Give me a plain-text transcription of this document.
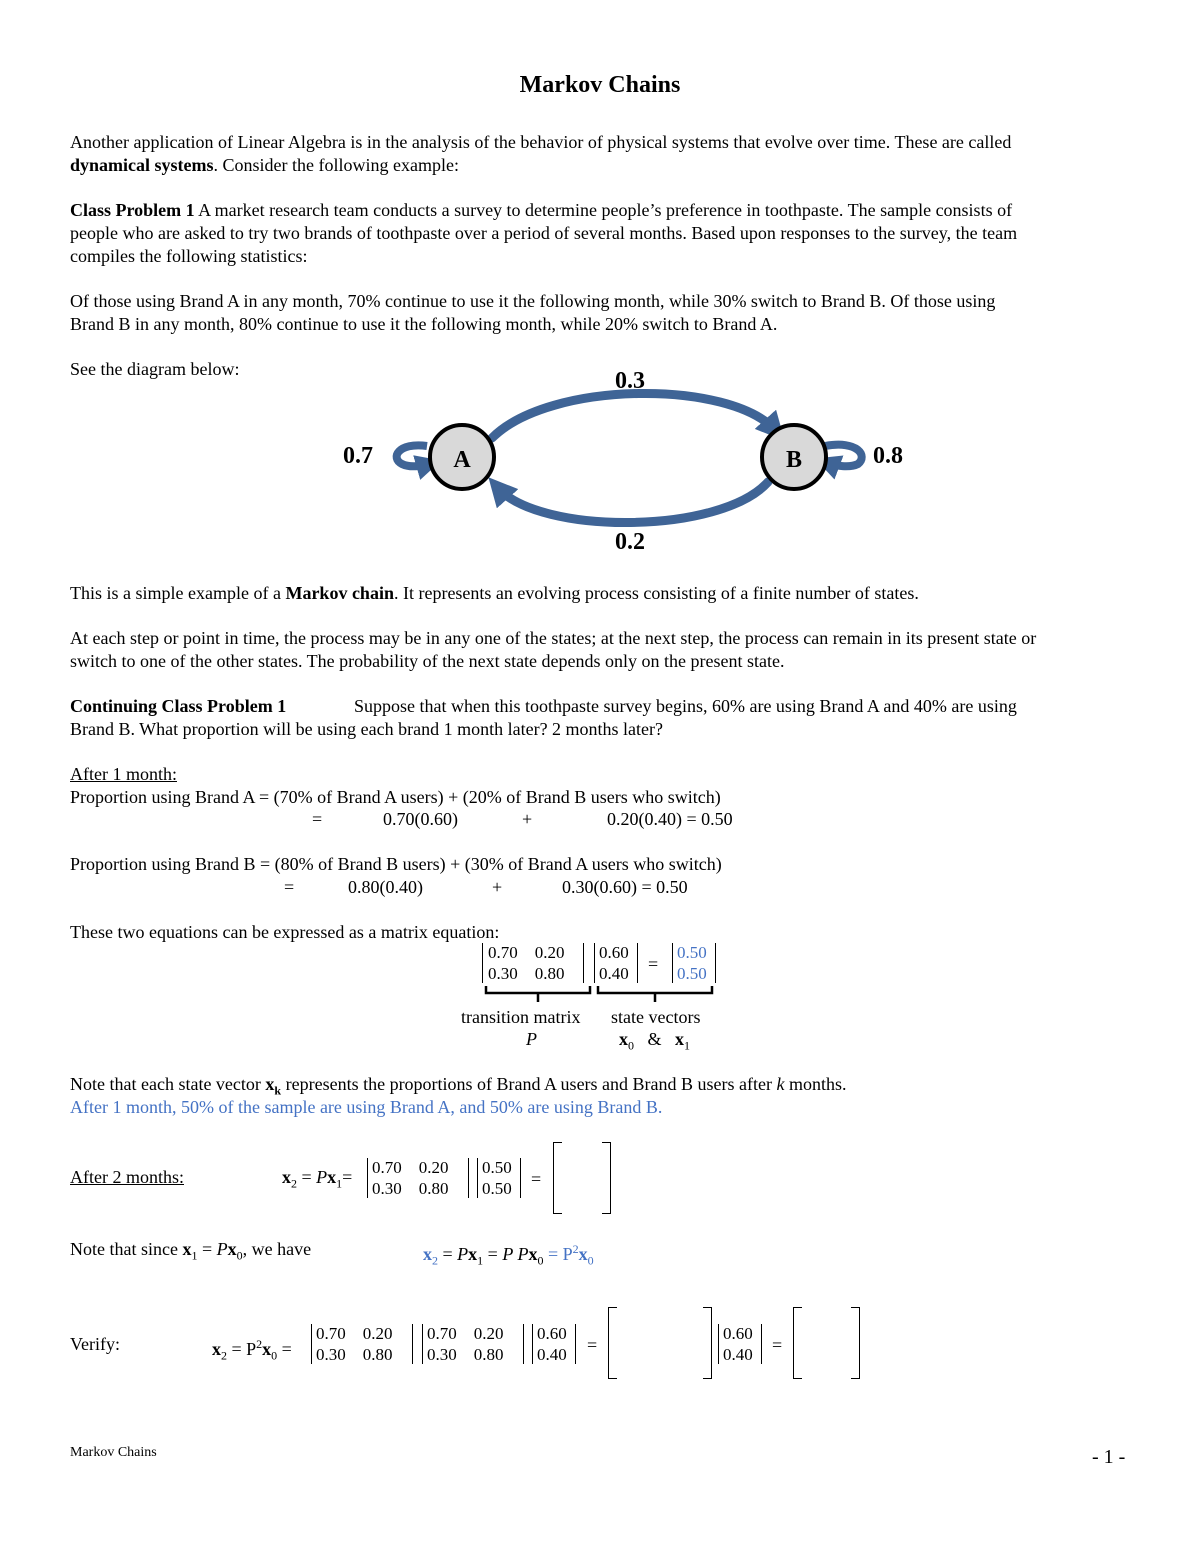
Markov Chains
Another application of Linear Algebra is in the analysis of the behavior of physical systems that evolve over time. These are called
dynamical systems. Consider the following example:
Class Problem 1 A market research team conducts a survey to determine people’s preference in toothpaste. The sample consists of
people who are asked to try two brands of toothpaste over a period of several months. Based upon responses to the survey, the team
compiles the following statistics:
Of those using Brand A in any month, 70% continue to use it the following month, while 30% switch to Brand B. Of those using
Brand B in any month, 80% continue to use it the following month, while 20% switch to Brand A.
See the diagram below:
A	B
0.3
0.2
0.7	0.8
This is a simple example of a Markov chain. It represents an evolving process consisting of a finite number of states.
At each step or point in time, the process may be in any one of the states; at the next step, the process can remain in its present state or
switch to one of the other states. The probability of the next state depends only on the present state.
Continuing Class Problem 1	Suppose that when this toothpaste survey begins, 60% are using Brand A and 40% are using
Brand B. What proportion will be using each brand 1 month later? 2 months later?
After 1 month:
Proportion using Brand A = (70% of Brand A users) + (20% of Brand B users who switch)
=	0.70(0.60)	+	0.20(0.40) = 0.50
Proportion using Brand B = (80% of Brand B users) + (30% of Brand A users who switch)
=	0.80(0.40)	+	0.30(0.60) = 0.50
These two equations can be expressed as a matrix equation:
0.70    0.20
0.30    0.80
0.60
0.40 =
0.50
0.50
transition matrix
P
state vectors
$x_0$ & $x_1$
Note that each state vector $x_k$ represents the proportions of Brand A users and Brand B users after k months.
After 1 month, 50% of the sample are using Brand A, and 50% are using Brand B.
After 2 months:	$x_2 = Px_1= 0.70$    0.20
0.30    0.80
0.50
0.50 =
Note that since $x_1 = Px_0$, we have	$x_2 = Px_1 = P$ $Px_0 = P^2x_0$
Verify:	$x_2 = P^2x_0$ =
0.70    0.20
0.30    0.80
0.70    0.20
0.30    0.80
0.60
0.40 =
0.60
0.40 =
Markov Chains	- 1 -
